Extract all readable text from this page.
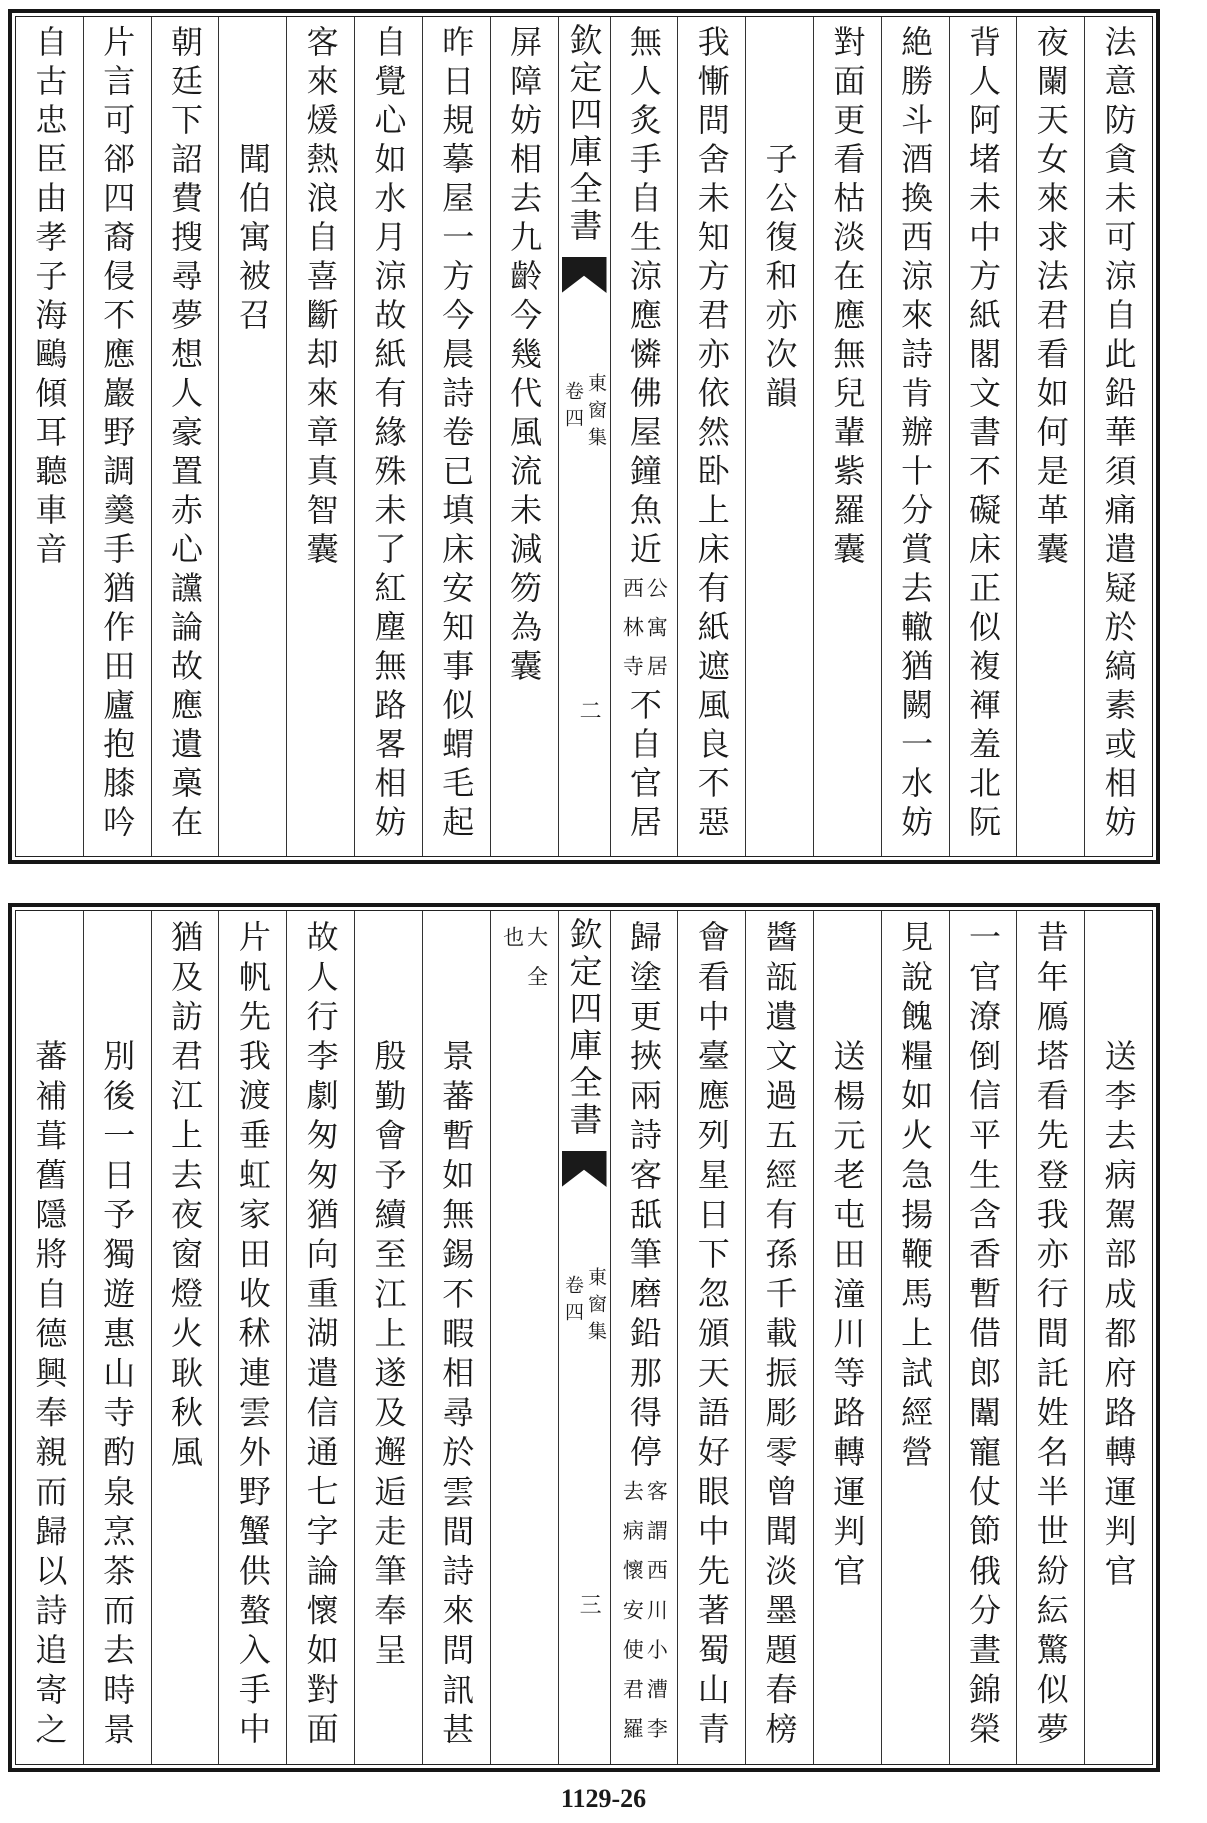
法意防貪未可涼自此鉛華須痛遣疑於縞素或相妨
夜闌天女來求法君看如何是革囊
背人阿堵未中方紙閣文書不礙床正似複褌羞北阮
絶勝斗酒換西涼來詩肯辦十分賞去轍猶闕一水妨
對面更看枯淡在應無兒輩紫羅囊
子公復和亦次韻
我慚問舍未知方君亦依然卧上床有紙遮風良不惡
無人炙手自生涼應憐佛屋鐘魚近
公寓居
西林寺
不自官居
欽定四庫全書
東窗集
卷四
二
屏障妨相去九齡今幾代風流未減笏為囊
昨日規摹屋一方今晨詩卷已填床安知事似蝟毛起
自覺心如水月涼故紙有緣殊未了紅塵無路畧相妨
客來煖熱浪自喜斷却來章真智囊
聞伯寓被召
朝廷下詔費搜尋夢想人豪置赤心讜論故應遺槀在
片言可郤四裔侵不應巖野調羹手猶作田廬抱膝吟
自古忠臣由孝子海鷗傾耳聽車音
送李去病駕部成都府路轉運判官
昔年鴈塔看先登我亦行間託姓名半世紛紜驚似夢
一官潦倒信平生含香暫借郎闈寵仗節俄分晝錦榮
見說餽糧如火急揚鞭馬上試經營
送楊元老屯田潼川等路轉運判官
醬瓿遺文過五經有孫千載振彫零曾聞淡墨題春榜
會看中臺應列星日下忽頒天語好眼中先著蜀山青
歸塗更挾兩詩客舐筆磨鉛那得停
客謂西川小漕李
去病懷安使君羅
欽定四庫全書
東窗集
卷四
三
大全
也
景蕃暫如無錫不暇相尋於雲間詩來問訊甚
殷勤會予續至江上遂及邂逅走筆奉呈
故人行李劇匆匆猶向重湖遣信通七字論懷如對面
片帆先我渡垂虹家田收秫連雲外野蟹供螯入手中
猶及訪君江上去夜窗燈火耿秋風
別後一日予獨遊惠山寺酌泉烹茶而去時景
蕃補葺舊隱將自德興奉親而歸以詩追寄之
1129-26
